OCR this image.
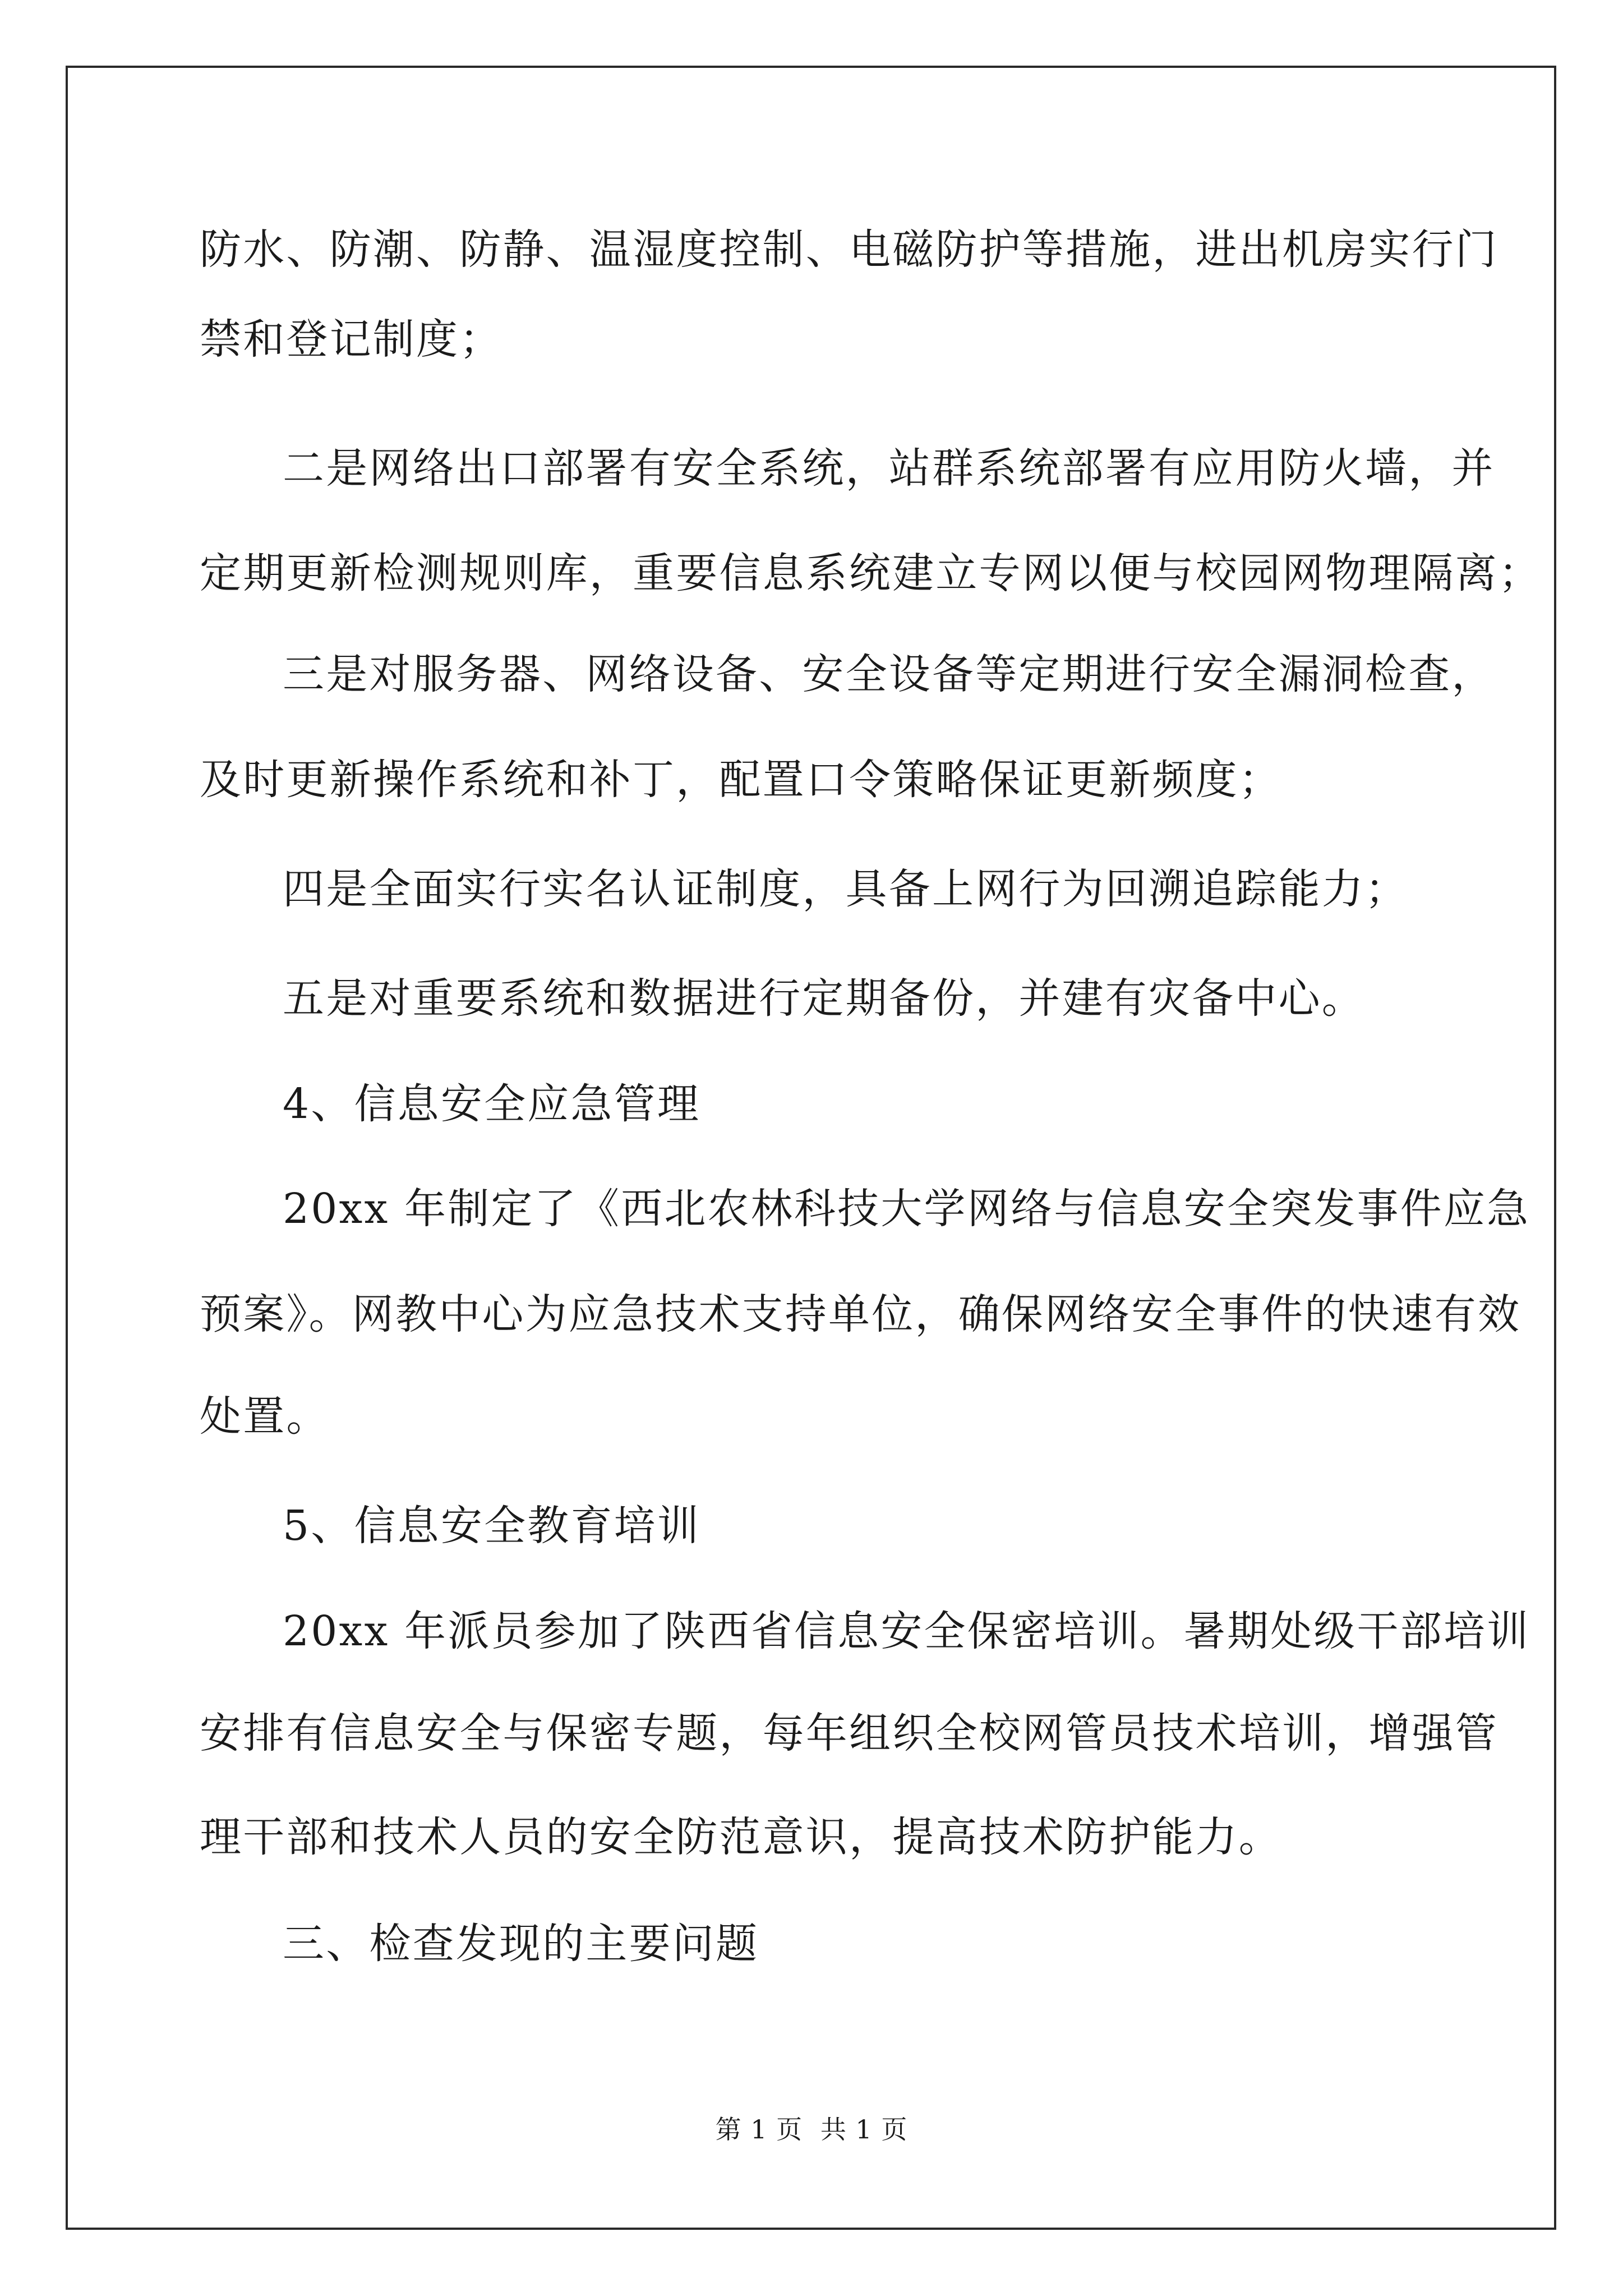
防水、防潮、防静、温湿度控制、电磁防护等措施，进出机房实行门
禁和登记制度；
二是网络出口部署有安全系统，站群系统部署有应用防火墙，并
定期更新检测规则库，重要信息系统建立专网以便与校园网物理隔离；
三是对服务器、网络设备、安全设备等定期进行安全漏洞检查，
及时更新操作系统和补丁，配置口令策略保证更新频度；
四是全面实行实名认证制度，具备上网行为回溯追踪能力；
五是对重要系统和数据进行定期备份，并建有灾备中心。
4、信息安全应急管理
20xx 年制定了《西北农林科技大学网络与信息安全突发事件应急
预案》。网教中心为应急技术支持单位，确保网络安全事件的快速有效
处置。
5、信息安全教育培训
20xx 年派员参加了陕西省信息安全保密培训。暑期处级干部培训
安排有信息安全与保密专题，每年组织全校网管员技术培训，增强管
理干部和技术人员的安全防范意识，提高技术防护能力。
三、检查发现的主要问题
第 1 页 共 1 页
